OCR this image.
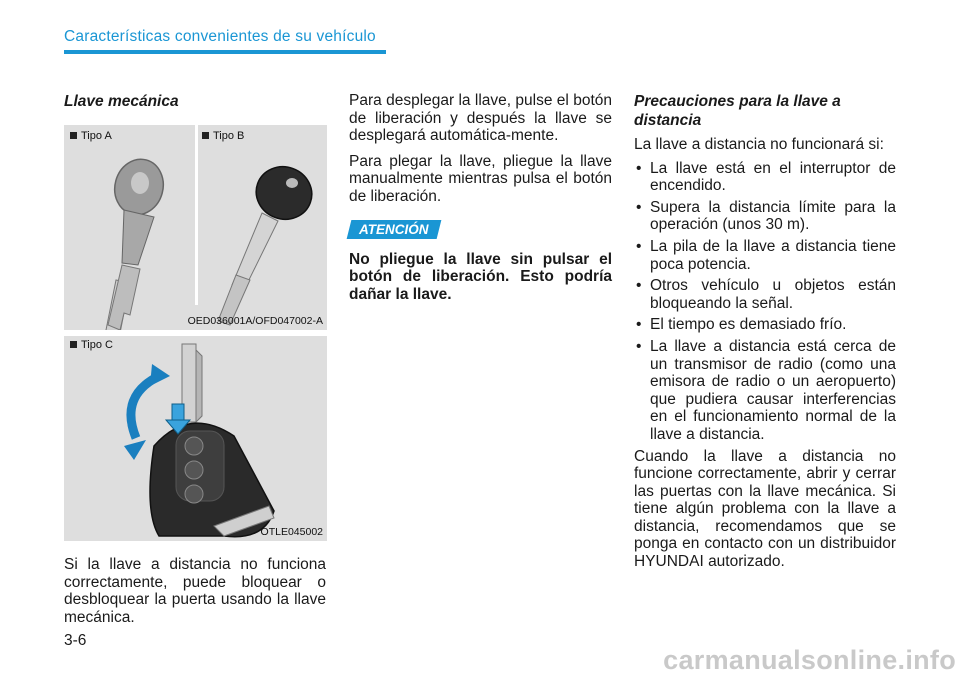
Características convenientes de su vehículo
Llave mecánica
Tipo A	Tipo B
OED036001A/OFD047002-A
Tipo C
OTLE045002

Si la llave a distancia no funciona correctamente, puede bloquear o desbloquear la puerta usando la llave mecánica.

Para desplegar la llave, pulse el botón de liberación y después la llave se desplegará automática-mente.

Para plegar la llave, pliegue la llave manualmente mientras pulsa el botón de liberación.

ATENCIÓN

No pliegue la llave sin pulsar el botón de liberación. Esto podría dañar la llave.

Precauciones para la llave a distancia

La llave a distancia no funcionará si:

• La llave está en el interruptor de encendido.
• Supera la distancia límite para la operación (unos 30 m).
• La pila de la llave a distancia tiene poca potencia.
• Otros vehículo u objetos están bloqueando la señal.
• El tiempo es demasiado frío.
• La llave a distancia está cerca de un transmisor de radio (como una emisora de radio o un aeropuerto) que pudiera causar interferencias en el funcionamiento normal de la llave a distancia.

Cuando la llave a distancia no funcione correctamente, abrir y cerrar las puertas con la llave mecánica. Si tiene algún problema con la llave a distancia, recomendamos que se ponga en contacto con un distribuidor HYUNDAI autorizado.

3-6
carmanualsonline.info
